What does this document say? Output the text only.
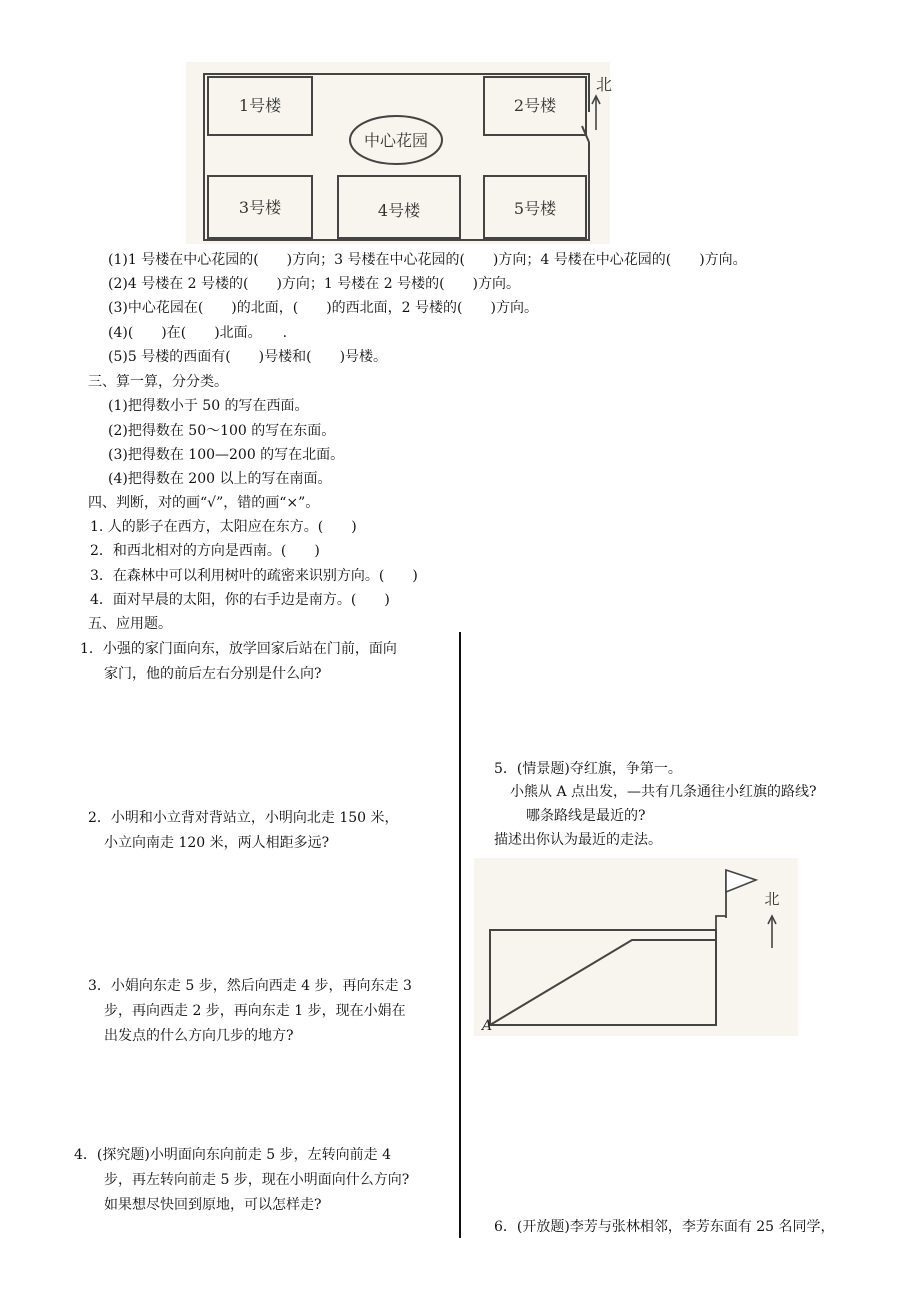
1号楼	2号楼
3号楼	4号楼	5号楼
中心花园
北
(1)1 号楼在中心花园的(　　)方向；3 号楼在中心花园的(　　)方向；4 号楼在中心花园的(　　)方向。
(2)4 号楼在 2 号楼的(　　)方向；1 号楼在 2 号楼的(　　)方向。
(3)中心花园在(　　)的北面，(　　)的西北面，2 号楼的(　　)方向。
(4)(　　)在(　　)北面。　　.
(5)5 号楼的西面有(　　)号楼和(　　)号楼。
三、算一算，分分类。
(1)把得数小于 50 的写在西面。
(2)把得数在 50～100 的写在东面。
(3)把得数在 100—200 的写在北面。
(4)把得数在 200 以上的写在南面。
四、判断，对的画“√”，错的画“×”。
1. 人的影子在西方，太阳应在东方。(　　)
2．和西北相对的方向是西南。(　　)
3．在森林中可以利用树叶的疏密来识别方向。(　　)
4．面对早晨的太阳，你的右手边是南方。(　　)
五、应用题。
1．小强的家门面向东，放学回家后站在门前，面向
家门，他的前后左右分别是什么向?
2．小明和小立背对背站立，小明向北走 150 米，
小立向南走 120 米，两人相距多远?
3．小娟向东走 5 步，然后向西走 4 步，再向东走 3
步，再向西走 2 步，再向东走 1 步，现在小娟在
出发点的什么方向几步的地方?
4．(探究题)小明面向东向前走 5 步，左转向前走 4
步，再左转向前走 5 步，现在小明面向什么方向?
如果想尽快回到原地，可以怎样走?
5．(情景题)夺红旗，争第一。
小熊从 A 点出发，—共有几条通往小红旗的路线?
哪条路线是最近的?
描述出你认为最近的走法。
A
北
6．(开放题)李芳与张林相邻，李芳东面有 25 名同学，
